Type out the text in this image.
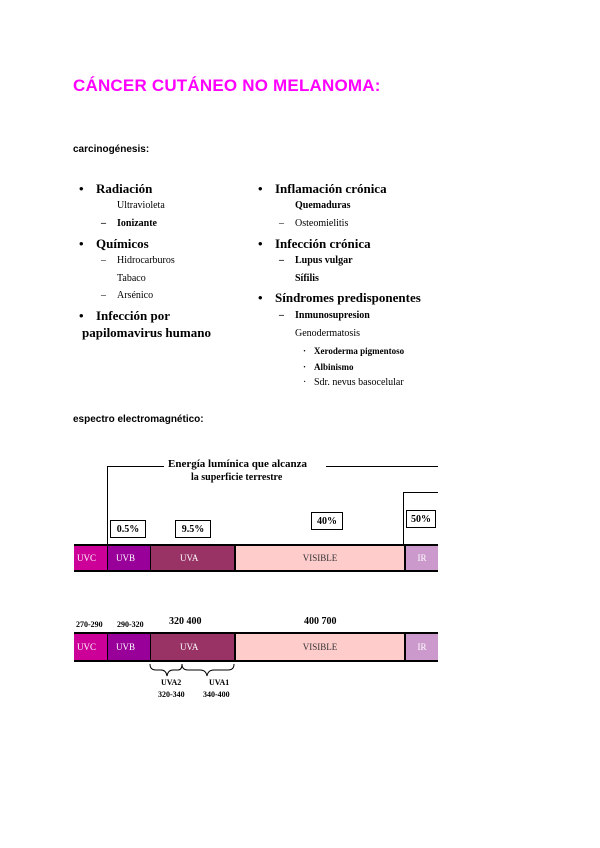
CÁNCER CUTÁNEO NO MELANOMA:
carcinogénesis:
• Radiación
Ultravioleta
– Ionizante
• Químicos
– Hidrocarburos
Tabaco
– Arsénico
• Infección por
papilomavirus humano
• Inflamación crónica
Quemaduras
– Osteomielitis
• Infección crónica
– Lupus vulgar
Sífilis
• Síndromes predisponentes
– Inmunosupresion
Genodermatosis
· Xeroderma pigmentoso
· Albinismo
· Sdr. nevus basocelular
espectro electromagnético:
Energía lumínica que alcanza
la superficie terrestre
0.5%	9.5%
40%	50%
UVC	UVB	UVA	VISIBLE	IR
270-290 290-320	320 400	400 700
UVC	UVB	UVA	VISIBLE	IR
UVA2
320-340
UVA1
340-400
